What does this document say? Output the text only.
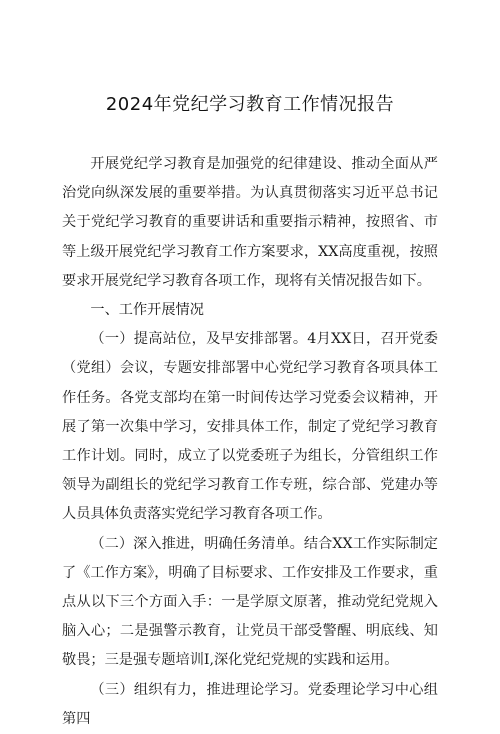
2024年党纪学习教育工作情况报告

开展党纪学习教育是加强党的纪律建设、推动全面从严治党向纵深发展的重要举措。为认真贯彻落实习近平总书记关于党纪学习教育的重要讲话和重要指示精神，按照省、市等上级开展党纪学习教育工作方案要求，XX高度重视，按照要求开展党纪学习教育各项工作，现将有关情况报告如下。

一、工作开展情况

（一）提高站位，及早安排部署。4月XX日，召开党委（党组）会议，专题安排部署中心党纪学习教育各项具体工作任务。各党支部均在第一时间传达学习党委会议精神，开展了第一次集中学习，安排具体工作，制定了党纪学习教育工作计划。同时，成立了以党委班子为组长，分管组织工作领导为副组长的党纪学习教育工作专班，综合部、党建办等人员具体负责落实党纪学习教育各项工作。

（二）深入推进，明确任务清单。结合XX工作实际制定了《工作方案》，明确了目标要求、工作安排及工作要求，重点从以下三个方面入手：一是学原文原著，推动党纪党规入脑入心；二是强警示教育，让党员干部受警醒、明底线、知敬畏；三是强专题培训I,深化党纪党规的实践和运用。

（三）组织有力，推进理论学习。党委理论学习中心组第四
